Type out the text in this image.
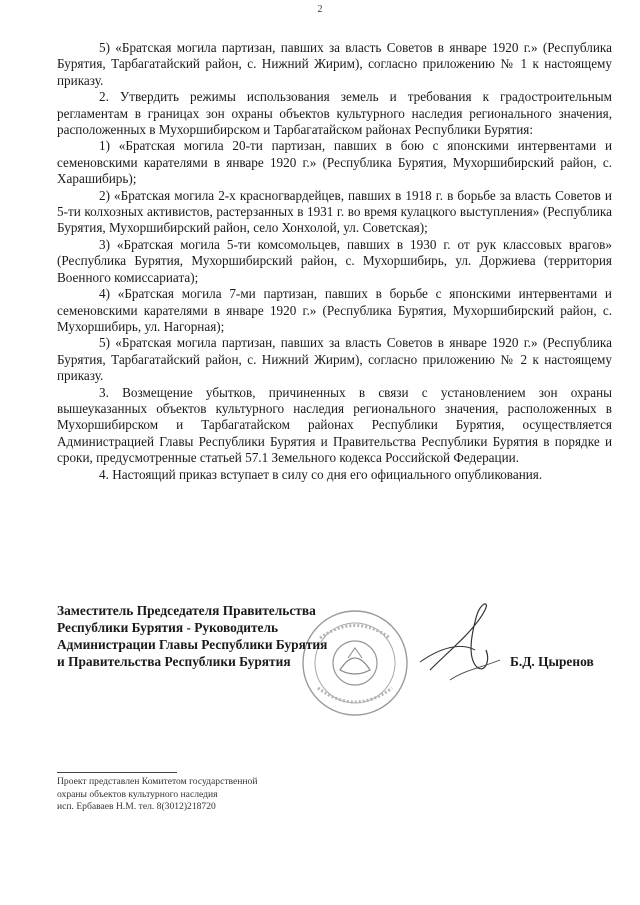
2

5) «Братская могила партизан, павших за власть Советов в январе 1920 г.» (Республика Бурятия, Тарбагатайский район, с. Нижний Жирим), согласно приложению № 1 к настоящему приказу.

2. Утвердить режимы использования земель и требования к градостроительным регламентам в границах зон охраны объектов культурного наследия регионального значения, расположенных в Мухоршибирском и Тарбагатайском районах Республики Бурятия:

1) «Братская могила 20-ти партизан, павших в бою с японскими интервентами и семеновскими карателями в январе 1920 г.» (Республика Бурятия, Мухоршибирский район, с. Харашибирь);

2) «Братская могила 2-х красногвардейцев, павших в 1918 г. в борьбе за власть Советов и 5-ти колхозных активистов, растерзанных в 1931 г. во время кулацкого выступления» (Республика Бурятия, Мухоршибирский район, село Хонхолой, ул. Советская);

3) «Братская могила 5-ти комсомольцев, павших в 1930 г. от рук классовых врагов» (Республика Бурятия, Мухоршибирский район, с. Мухоршибирь, ул. Доржиева (территория Военного комиссариата);

4) «Братская могила 7-ми партизан, павших в борьбе с японскими интервентами и семеновскими карателями в январе 1920 г.» (Республика Бурятия, Мухоршибирский район, с. Мухоршибирь, ул. Нагорная);

5) «Братская могила партизан, павших за власть Советов в январе 1920 г.» (Республика Бурятия, Тарбагатайский район, с. Нижний Жирим), согласно приложению № 2 к настоящему приказу.

3. Возмещение убытков, причиненных в связи с установлением зон охраны вышеуказанных объектов культурного наследия регионального значения, расположенных в Мухоршибирском и Тарбагатайском районах Республики Бурятия, осуществляется Администрацией Главы Республики Бурятия и Правительства Республики Бурятия в порядке и сроки, предусмотренные статьей 57.1 Земельного кодекса Российской Федерации.

4. Настоящий приказ вступает в силу со дня его официального опубликования.

Заместитель Председателя Правительства
Республики Бурятия - Руководитель
Администрации Главы Республики Бурятия
и Правительства Республики Бурятия	Б.Д. Цыренов
Проект представлен Комитетом государственной
охраны объектов культурного наследия
исп. Ербаваев Н.М. тел. 8(3012)218720
